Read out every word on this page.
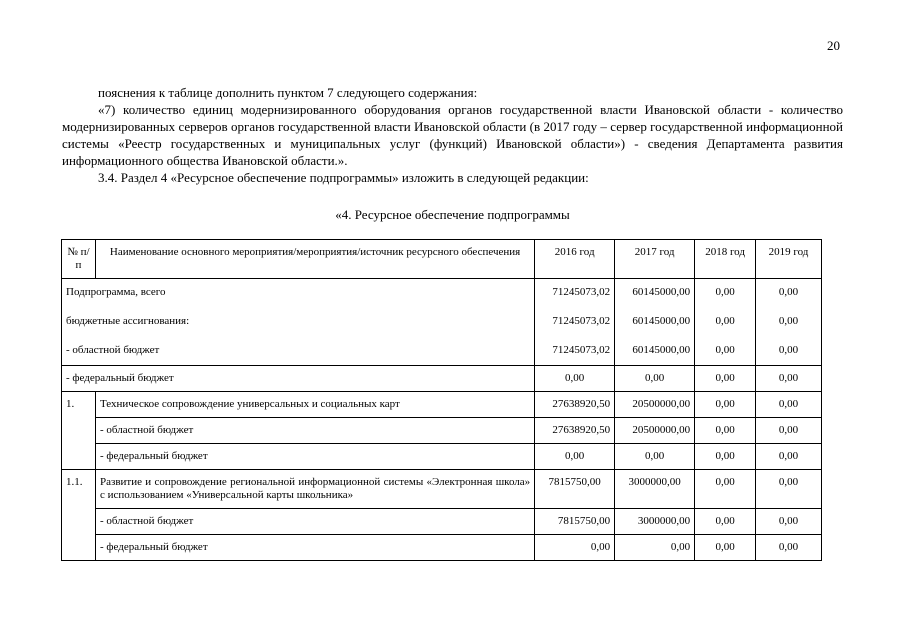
20

пояснения к таблице дополнить пунктом 7 следующего содержания:

«7) количество единиц модернизированного оборудования органов государственной власти Ивановской области - количество модернизированных серверов органов государственной власти Ивановской области (в 2017 году – сервер государственной информационной системы «Реестр государственных и муниципальных услуг (функций) Ивановской области») - сведения Департамента развития информационного общества Ивановской области.».

3.4. Раздел 4 «Ресурсное обеспечение подпрограммы» изложить в следующей редакции:

«4. Ресурсное обеспечение подпрограммы
№ п/п	Наименование основного мероприятия/мероприятия/источник ресурсного обеспечения	2016 год	2017 год	2018 год	2019 год
Подпрограмма, всего		71245073,02	60145000,00	0,00	0,00
бюджетные ассигнования:		71245073,02	60145000,00	0,00	0,00
- областной бюджет		71245073,02	60145000,00	0,00	0,00
- федеральный бюджет		0,00	0,00	0,00	0,00
1.	Техническое сопровождение универсальных и социальных карт	27638920,50	20500000,00	0,00	0,00
	- областной бюджет	27638920,50	20500000,00	0,00	0,00
	- федеральный бюджет	0,00	0,00	0,00	0,00
1.1.	Развитие и сопровождение региональной информационной системы «Электронная школа» с использованием «Универсальной карты школьника»	7815750,00	3000000,00	0,00	0,00
	- областной бюджет	7815750,00	3000000,00	0,00	0,00
	- федеральный бюджет	0,00	0,00	0,00	0,00
